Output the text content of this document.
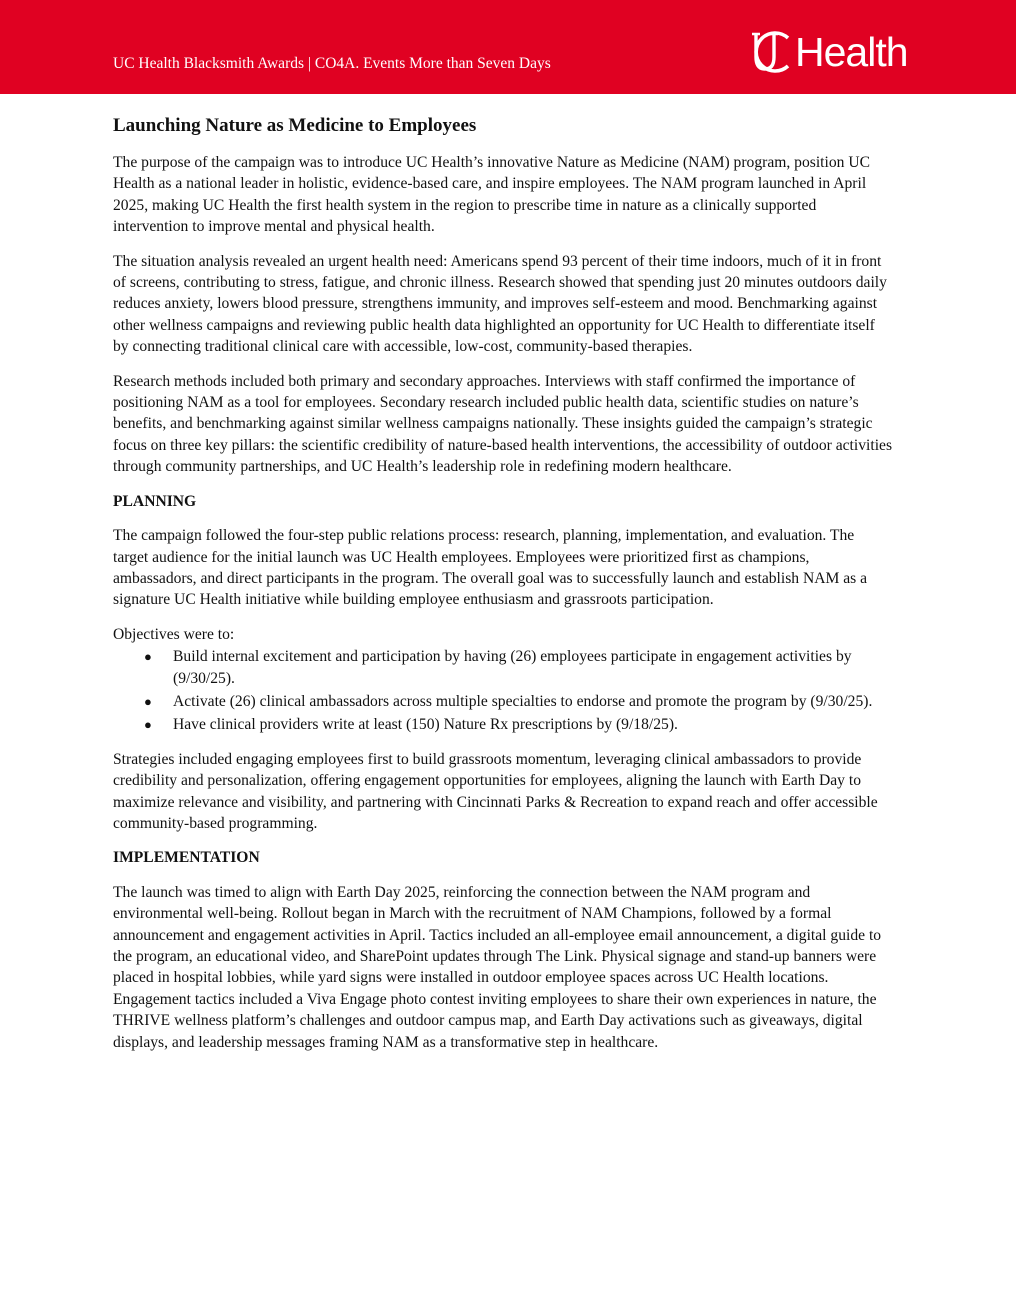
UC Health Blacksmith Awards | CO4A. Events More than Seven Days	Health
Launching Nature as Medicine to Employees

The purpose of the campaign was to introduce UC Health’s innovative Nature as Medicine (NAM) program, position UC Health as a national leader in holistic, evidence-based care, and inspire employees. The NAM program launched in April 2025, making UC Health the first health system in the region to prescribe time in nature as a clinically supported intervention to improve mental and physical health.

The situation analysis revealed an urgent health need: Americans spend 93 percent of their time indoors, much of it in front of screens, contributing to stress, fatigue, and chronic illness. Research showed that spending just 20 minutes outdoors daily reduces anxiety, lowers blood pressure, strengthens immunity, and improves self-esteem and mood. Benchmarking against other wellness campaigns and reviewing public health data highlighted an opportunity for UC Health to differentiate itself by connecting traditional clinical care with accessible, low-cost, community-based therapies.

Research methods included both primary and secondary approaches. Interviews with staff confirmed the importance of positioning NAM as a tool for employees. Secondary research included public health data, scientific studies on nature’s benefits, and benchmarking against similar wellness campaigns nationally. These insights guided the campaign’s strategic focus on three key pillars: the scientific credibility of nature-based health interventions, the accessibility of outdoor activities through community partnerships, and UC Health’s leadership role in redefining modern healthcare.

PLANNING

The campaign followed the four-step public relations process: research, planning, implementation, and evaluation. The target audience for the initial launch was UC Health employees. Employees were prioritized first as champions, ambassadors, and direct participants in the program. The overall goal was to successfully launch and establish NAM as a signature UC Health initiative while building employee enthusiasm and grassroots participation.

Objectives were to:

● Build internal excitement and participation by having (26) employees participate in engagement activities by (9/30/25).
● Activate (26) clinical ambassadors across multiple specialties to endorse and promote the program by (9/30/25).
● Have clinical providers write at least (150) Nature Rx prescriptions by (9/18/25).

Strategies included engaging employees first to build grassroots momentum, leveraging clinical ambassadors to provide credibility and personalization, offering engagement opportunities for employees, aligning the launch with Earth Day to maximize relevance and visibility, and partnering with Cincinnati Parks & Recreation to expand reach and offer accessible community-based programming.

IMPLEMENTATION

The launch was timed to align with Earth Day 2025, reinforcing the connection between the NAM program and environmental well-being. Rollout began in March with the recruitment of NAM Champions, followed by a formal announcement and engagement activities in April. Tactics included an all-employee email announcement, a digital guide to the program, an educational video, and SharePoint updates through The Link. Physical signage and stand-up banners were placed in hospital lobbies, while yard signs were installed in outdoor employee spaces across UC Health locations. Engagement tactics included a Viva Engage photo contest inviting employees to share their own experiences in nature, the THRIVE wellness platform’s challenges and outdoor campus map, and Earth Day activations such as giveaways, digital displays, and leadership messages framing NAM as a transformative step in healthcare.
